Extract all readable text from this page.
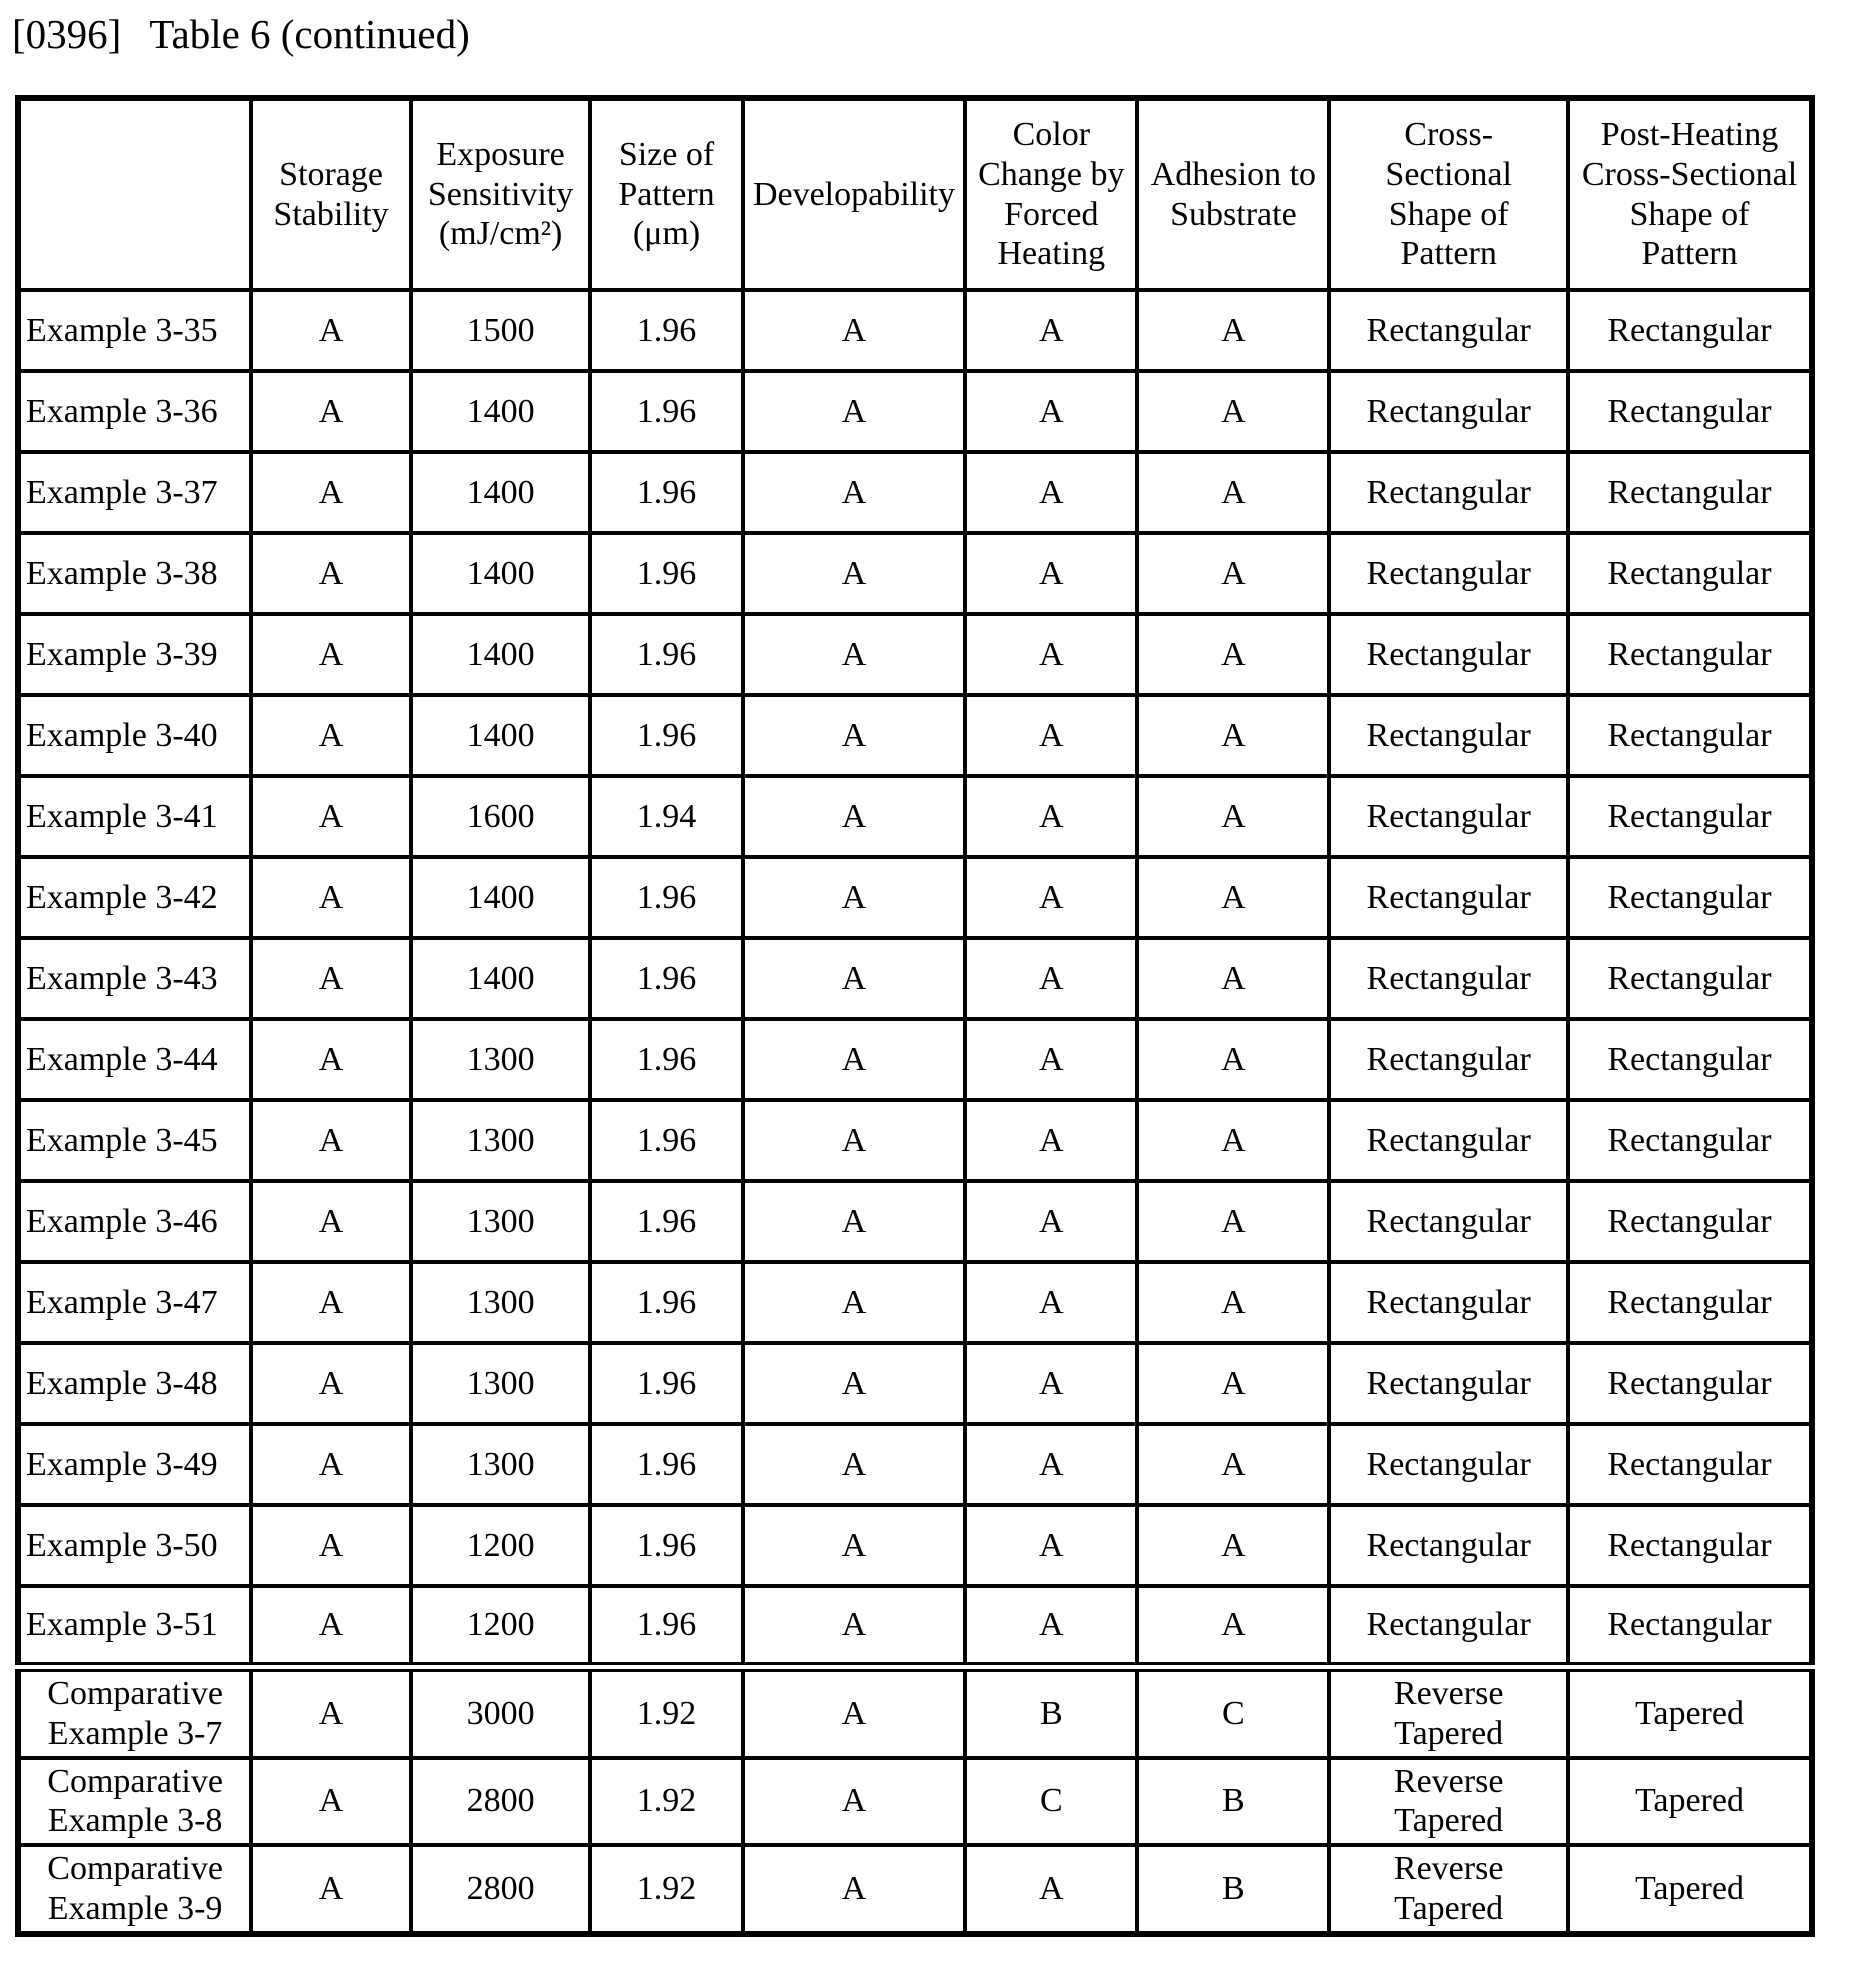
[0396] Table 6 (continued)
	Storage
Stability	Exposure
Sensitivity
(mJ/cm²)	Size of
Pattern
(μm)	Developability	Color
Change by
Forced
Heating	Adhesion to
Substrate	Cross-
Sectional
Shape of
Pattern	Post-Heating
Cross-Sectional
Shape of
Pattern
Example 3-35	A	1500	1.96	A	A	A	Rectangular	Rectangular
Example 3-36	A	1400	1.96	A	A	A	Rectangular	Rectangular
Example 3-37	A	1400	1.96	A	A	A	Rectangular	Rectangular
Example 3-38	A	1400	1.96	A	A	A	Rectangular	Rectangular
Example 3-39	A	1400	1.96	A	A	A	Rectangular	Rectangular
Example 3-40	A	1400	1.96	A	A	A	Rectangular	Rectangular
Example 3-41	A	1600	1.94	A	A	A	Rectangular	Rectangular
Example 3-42	A	1400	1.96	A	A	A	Rectangular	Rectangular
Example 3-43	A	1400	1.96	A	A	A	Rectangular	Rectangular
Example 3-44	A	1300	1.96	A	A	A	Rectangular	Rectangular
Example 3-45	A	1300	1.96	A	A	A	Rectangular	Rectangular
Example 3-46	A	1300	1.96	A	A	A	Rectangular	Rectangular
Example 3-47	A	1300	1.96	A	A	A	Rectangular	Rectangular
Example 3-48	A	1300	1.96	A	A	A	Rectangular	Rectangular
Example 3-49	A	1300	1.96	A	A	A	Rectangular	Rectangular
Example 3-50	A	1200	1.96	A	A	A	Rectangular	Rectangular
Example 3-51	A	1200	1.96	A	A	A	Rectangular	Rectangular
Comparative
Example 3-7	A	3000	1.92	A	B	C	Reverse
Tapered	Tapered
Comparative
Example 3-8	A	2800	1.92	A	C	B	Reverse
Tapered	Tapered
Comparative
Example 3-9	A	2800	1.92	A	A	B	Reverse
Tapered	Tapered
